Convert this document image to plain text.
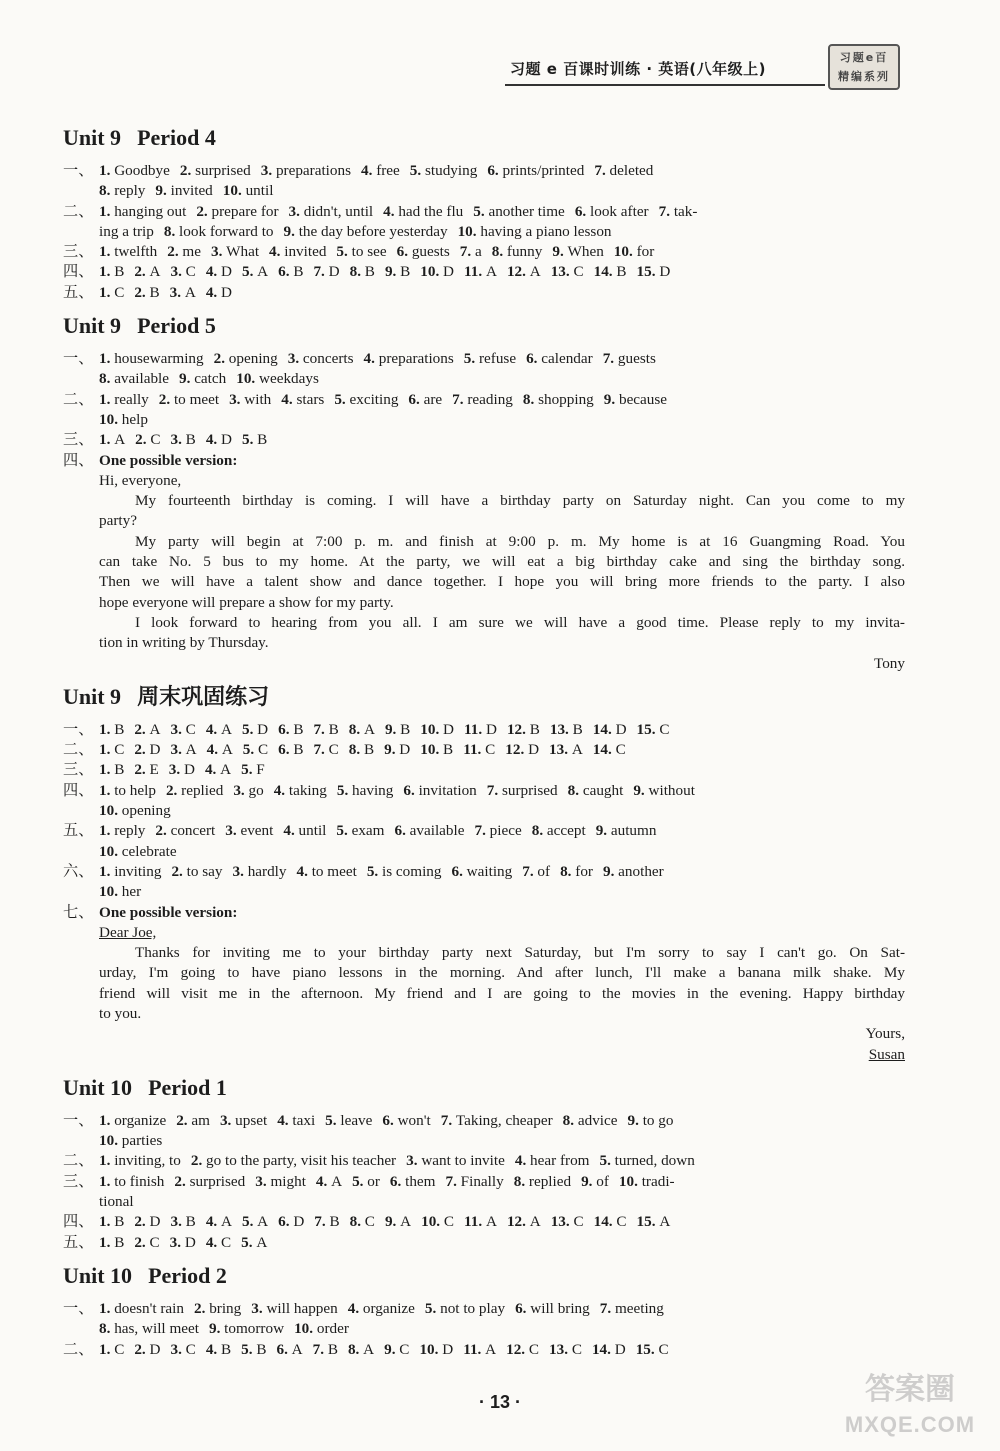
习题 e 百课时训练 · 英语(八年级上)
习题e百
精编系列
Unit 9 Period 4
一、 1. Goodbye 2. surprised 3. preparations 4. free 5. studying 6. prints/printed 7. deleted
8. reply 9. invited 10. until
二、 1. hanging out 2. prepare for 3. didn't, until 4. had the flu 5. another time 6. look after 7. tak-
ing a trip 8. look forward to 9. the day before yesterday 10. having a piano lesson
三、 1. twelfth 2. me 3. What 4. invited 5. to see 6. guests 7. a 8. funny 9. When 10. for
四、 1. B 2. A 3. C 4. D 5. A 6. B 7. D 8. B 9. B 10. D 11. A 12. A 13. C 14. B 15. D
五、 1. C 2. B 3. A 4. D
Unit 9 Period 5
一、 1. housewarming 2. opening 3. concerts 4. preparations 5. refuse 6. calendar 7. guests
8. available 9. catch 10. weekdays
二、 1. really 2. to meet 3. with 4. stars 5. exciting 6. are 7. reading 8. shopping 9. because
10. help
三、 1. A 2. C 3. B 4. D 5. B
四、 One possible version:
Hi, everyone,
My fourteenth birthday is coming. I will have a birthday party on Saturday night. Can you come to my
party?
My party will begin at 7:00 p. m. and finish at 9:00 p. m. My home is at 16 Guangming Road. You
can take No. 5 bus to my home. At the party, we will eat a big birthday cake and sing the birthday song.
Then we will have a talent show and dance together. I hope you will bring more friends to the party. I also
hope everyone will prepare a show for my party.
I look forward to hearing from you all. I am sure we will have a good time. Please reply to my invita-
tion in writing by Thursday.
Tony
Unit 9 周末巩固练习
一、 1. B 2. A 3. C 4. A 5. D 6. B 7. B 8. A 9. B 10. D 11. D 12. B 13. B 14. D 15. C
二、 1. C 2. D 3. A 4. A 5. C 6. B 7. C 8. B 9. D 10. B 11. C 12. D 13. A 14. C
三、 1. B 2. E 3. D 4. A 5. F
四、 1. to help 2. replied 3. go 4. taking 5. having 6. invitation 7. surprised 8. caught 9. without
10. opening
五、 1. reply 2. concert 3. event 4. until 5. exam 6. available 7. piece 8. accept 9. autumn
10. celebrate
六、 1. inviting 2. to say 3. hardly 4. to meet 5. is coming 6. waiting 7. of 8. for 9. another
10. her
七、 One possible version:
Dear Joe,
Thanks for inviting me to your birthday party next Saturday, but I'm sorry to say I can't go. On Sat-
urday, I'm going to have piano lessons in the morning. And after lunch, I'll make a banana milk shake. My
friend will visit me in the afternoon. My friend and I are going to the movies in the evening. Happy birthday
to you.
Yours,
Susan
Unit 10 Period 1
一、 1. organize 2. am 3. upset 4. taxi 5. leave 6. won't 7. Taking, cheaper 8. advice 9. to go
10. parties
二、 1. inviting, to 2. go to the party, visit his teacher 3. want to invite 4. hear from 5. turned, down
三、 1. to finish 2. surprised 3. might 4. A 5. or 6. them 7. Finally 8. replied 9. of 10. tradi-
tional
四、 1. B 2. D 3. B 4. A 5. A 6. D 7. B 8. C 9. A 10. C 11. A 12. A 13. C 14. C 15. A
五、 1. B 2. C 3. D 4. C 5. A
Unit 10 Period 2
一、 1. doesn't rain 2. bring 3. will happen 4. organize 5. not to play 6. will bring 7. meeting
8. has, will meet 9. tomorrow 10. order
二、 1. C 2. D 3. C 4. B 5. B 6. A 7. B 8. A 9. C 10. D 11. A 12. C 13. C 14. D 15. C
· 13 ·	答案圈
MXQE.COM
